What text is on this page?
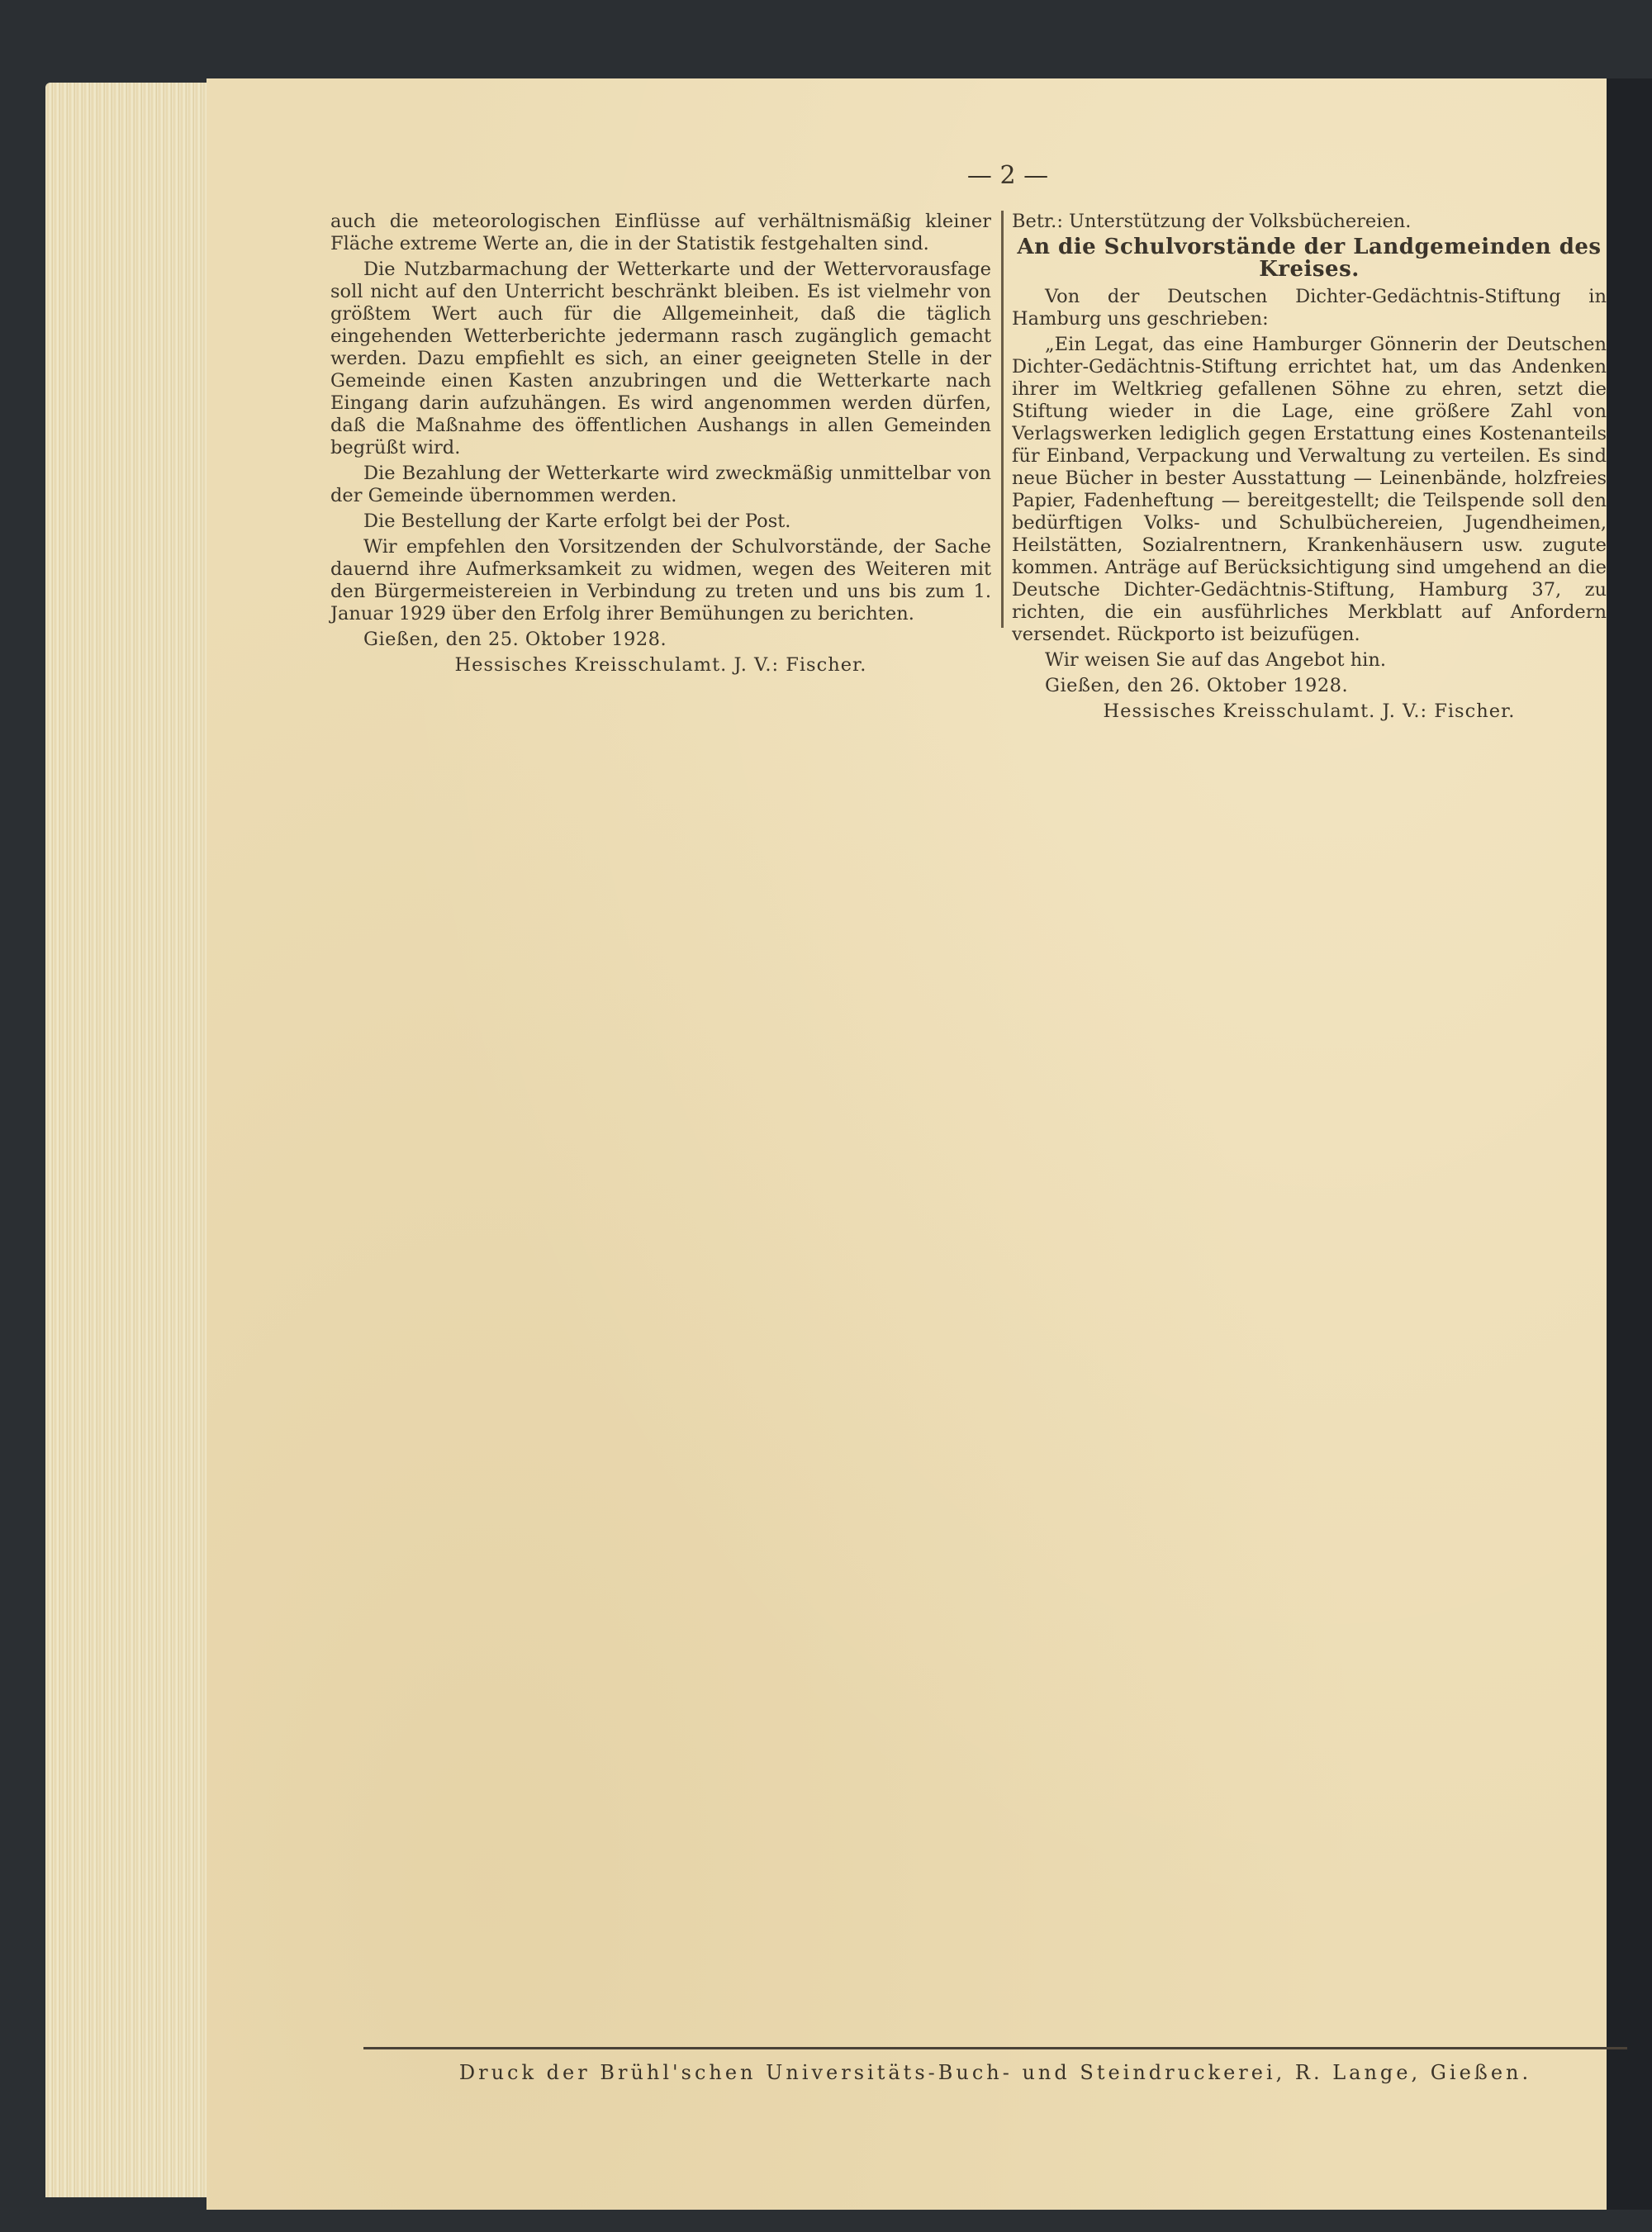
— 2 —

auch die meteorologischen Einflüsse auf verhältnismäßig kleiner Fläche extreme Werte an, die in der Statistik festgehalten sind.

Die Nutzbarmachung der Wetterkarte und der Wettervorausfage soll nicht auf den Unterricht beschränkt bleiben. Es ist vielmehr von größtem Wert auch für die Allgemeinheit, daß die täglich eingehenden Wetterberichte jedermann rasch zugänglich gemacht werden. Dazu empfiehlt es sich, an einer geeigneten Stelle in der Gemeinde einen Kasten anzubringen und die Wetterkarte nach Eingang darin aufzuhängen. Es wird angenommen werden dürfen, daß die Maßnahme des öffentlichen Aushangs in allen Gemeinden begrüßt wird.

Die Bezahlung der Wetterkarte wird zweckmäßig unmittelbar von der Gemeinde übernommen werden.

Die Bestellung der Karte erfolgt bei der Post.

Wir empfehlen den Vorsitzenden der Schulvorstände, der Sache dauernd ihre Aufmerksamkeit zu widmen, wegen des Weiteren mit den Bürgermeistereien in Verbindung zu treten und uns bis zum 1. Januar 1929 über den Erfolg ihrer Bemühungen zu berichten.

Gießen, den 25. Oktober 1928.

Hessisches Kreisschulamt. J. V.: Fischer.

Betr.: Unterstützung der Volksbüchereien.

An die Schulvorstände der Landgemeinden des Kreises.

Von der Deutschen Dichter-Gedächtnis-Stiftung in Hamburg uns geschrieben:

„Ein Legat, das eine Hamburger Gönnerin der Deutschen Dichter-Gedächtnis-Stiftung errichtet hat, um das Andenken ihrer im Weltkrieg gefallenen Söhne zu ehren, setzt die Stiftung wieder in die Lage, eine größere Zahl von Verlagswerken lediglich gegen Erstattung eines Kostenanteils für Einband, Verpackung und Verwaltung zu verteilen. Es sind neue Bücher in bester Ausstattung — Leinenbände, holzfreies Papier, Fadenheftung — bereitgestellt; die Teilspende soll den bedürftigen Volks- und Schulbüchereien, Jugendheimen, Heilstätten, Sozialrentnern, Krankenhäusern usw. zugute kommen. Anträge auf Berücksichtigung sind umgehend an die Deutsche Dichter-Gedächtnis-Stiftung, Hamburg 37, zu richten, die ein ausführliches Merkblatt auf Anfordern versendet. Rückporto ist beizufügen.

Wir weisen Sie auf das Angebot hin.

Gießen, den 26. Oktober 1928.

Hessisches Kreisschulamt. J. V.: Fischer.

Druck der Brühl'schen Universitäts-Buch- und Steindruckerei, R. Lange, Gießen.
